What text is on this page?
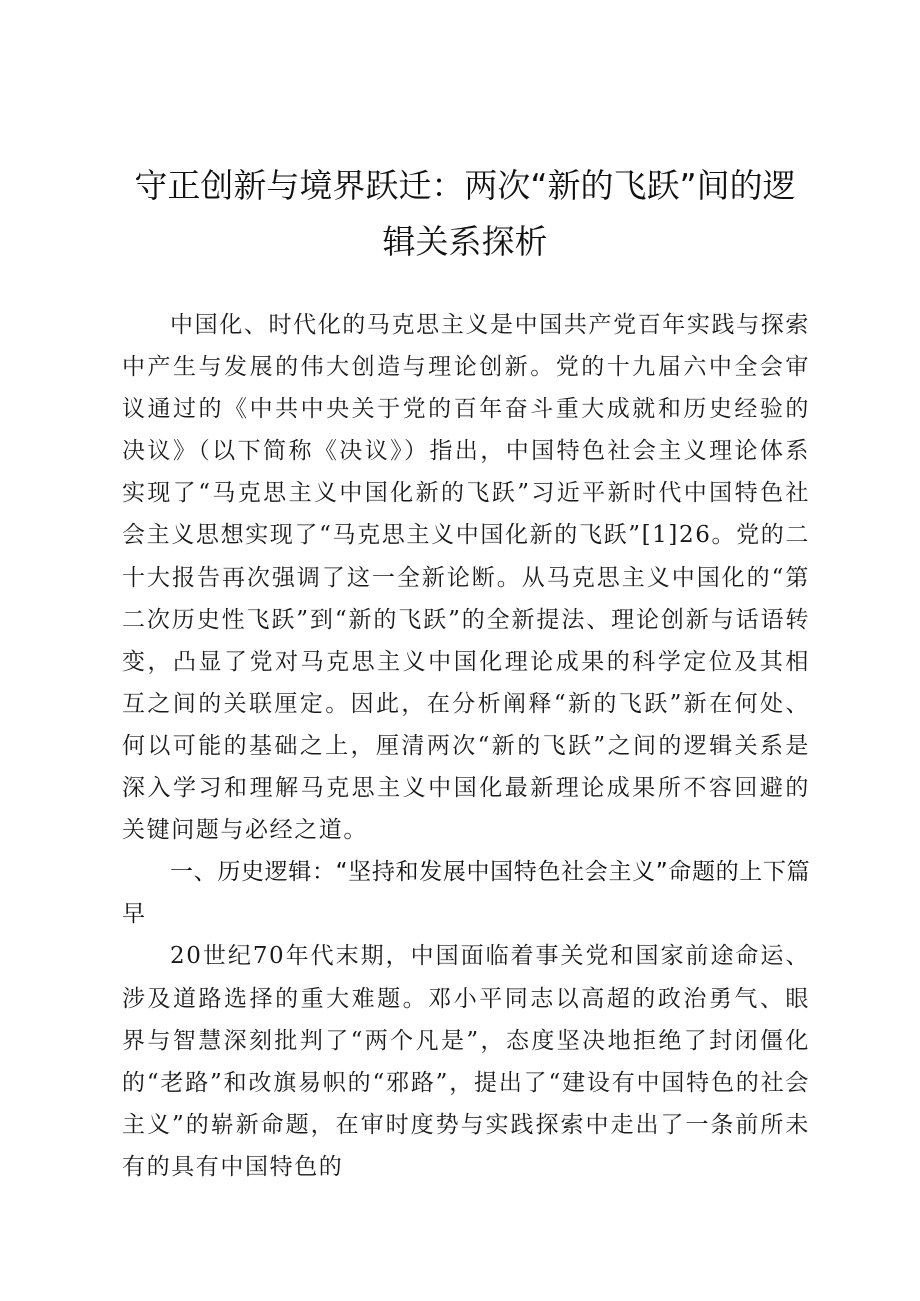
守正创新与境界跃迁：两次“新的飞跃”间的逻辑关系探析

中国化、时代化的马克思主义是中国共产党百年实践与探索中产生与发展的伟大创造与理论创新。党的十九届六中全会审议通过的《中共中央关于党的百年奋斗重大成就和历史经验的决议》（以下简称《决议》）指出，中国特色社会主义理论体系实现了“马克思主义中国化新的飞跃”习近平新时代中国特色社会主义思想实现了“马克思主义中国化新的飞跃”[1]26。党的二十大报告再次强调了这一全新论断。从马克思主义中国化的“第二次历史性飞跃”到“新的飞跃”的全新提法、理论创新与话语转变，凸显了党对马克思主义中国化理论成果的科学定位及其相互之间的关联厘定。因此，在分析阐释“新的飞跃”新在何处、何以可能的基础之上，厘清两次“新的飞跃”之间的逻辑关系是深入学习和理解马克思主义中国化最新理论成果所不容回避的关键问题与必经之道。

一、历史逻辑：“坚持和发展中国特色社会主义”命题的上下篇早

20世纪70年代末期，中国面临着事关党和国家前途命运、涉及道路选择的重大难题。邓小平同志以高超的政治勇气、眼界与智慧深刻批判了“两个凡是”，态度坚决地拒绝了封闭僵化的“老路”和改旗易帜的“邪路”，提出了“建设有中国特色的社会主义”的崭新命题，在审时度势与实践探索中走出了一条前所未有的具有中国特色的
